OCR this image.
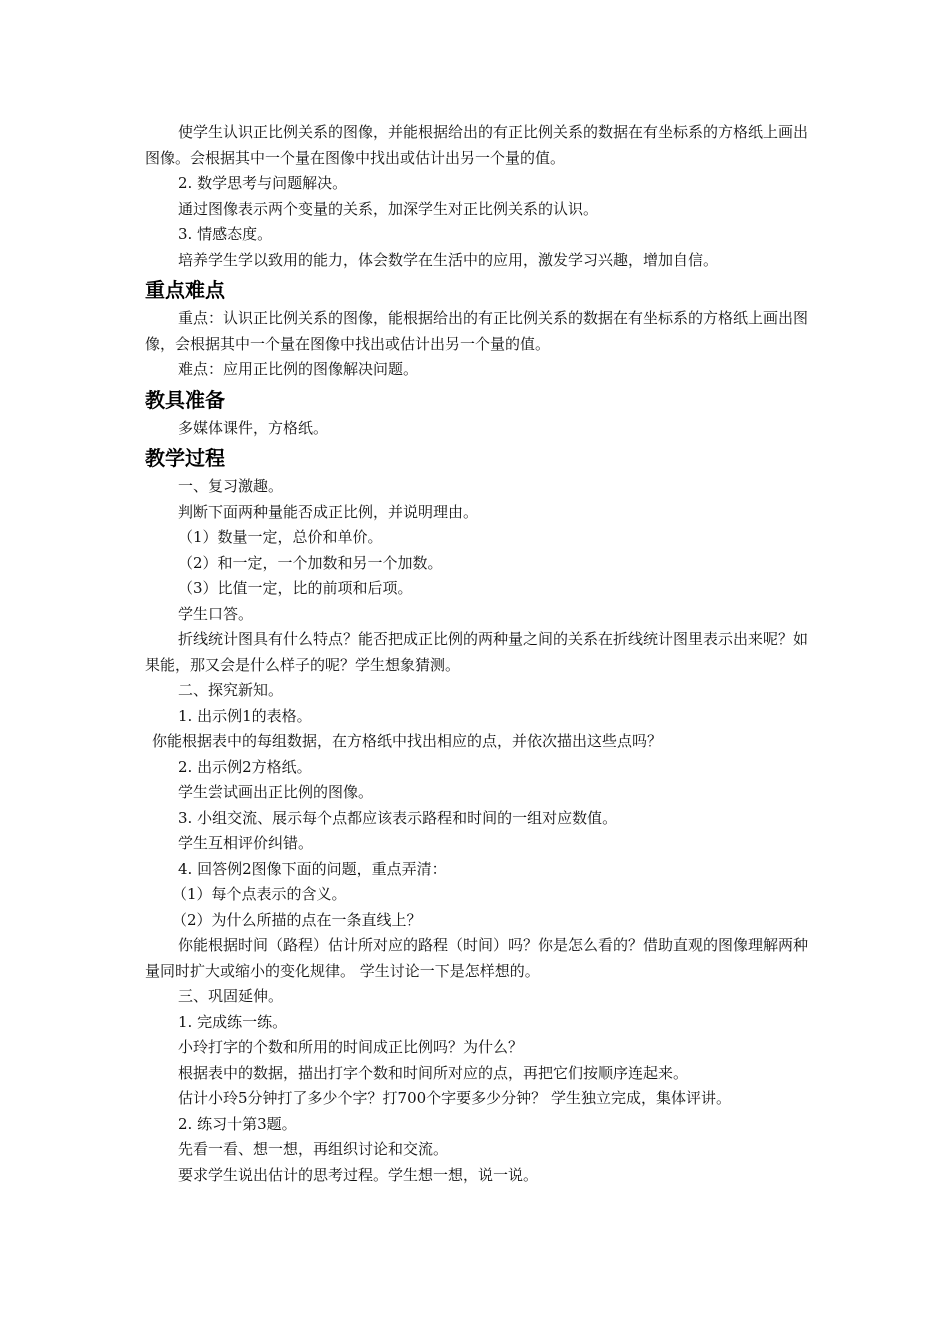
使学生认识正比例关系的图像，并能根据给出的有正比例关系的数据在有坐标系的方格纸上画出图像。会根据其中一个量在图像中找出或估计出另一个量的值。

2. 数学思考与问题解决。

通过图像表示两个变量的关系，加深学生对正比例关系的认识。

3. 情感态度。

培养学生学以致用的能力，体会数学在生活中的应用，激发学习兴趣，增加自信。

重点难点

重点：认识正比例关系的图像，能根据给出的有正比例关系的数据在有坐标系的方格纸上画出图像，会根据其中一个量在图像中找出或估计出另一个量的值。

难点：应用正比例的图像解决问题。

教具准备

多媒体课件，方格纸。

教学过程

一、复习激趣。

判断下面两种量能否成正比例，并说明理由。

（1）数量一定，总价和单价。

（2）和一定，一个加数和另一个加数。

（3）比值一定，比的前项和后项。

学生口答。

折线统计图具有什么特点？能否把成正比例的两种量之间的关系在折线统计图里表示出来呢？如果能，那又会是什么样子的呢？学生想象猜测。

二、探究新知。

1. 出示例1的表格。

你能根据表中的每组数据，在方格纸中找出相应的点，并依次描出这些点吗？

2. 出示例2方格纸。

学生尝试画出正比例的图像。

3. 小组交流、展示每个点都应该表示路程和时间的一组对应数值。

学生互相评价纠错。

4. 回答例2图像下面的问题，重点弄清：

（1）每个点表示的含义。

（2）为什么所描的点在一条直线上？

你能根据时间（路程）估计所对应的路程（时间）吗？你是怎么看的？借助直观的图像理解两种量同时扩大或缩小的变化规律。 学生讨论一下是怎样想的。

三、巩固延伸。

1. 完成练一练。

小玲打字的个数和所用的时间成正比例吗？为什么？

根据表中的数据，描出打字个数和时间所对应的点，再把它们按顺序连起来。

估计小玲5分钟打了多少个字？打700个字要多少分钟？ 学生独立完成，集体评讲。

2. 练习十第3题。

先看一看、想一想，再组织讨论和交流。

要求学生说出估计的思考过程。学生想一想，说一说。
